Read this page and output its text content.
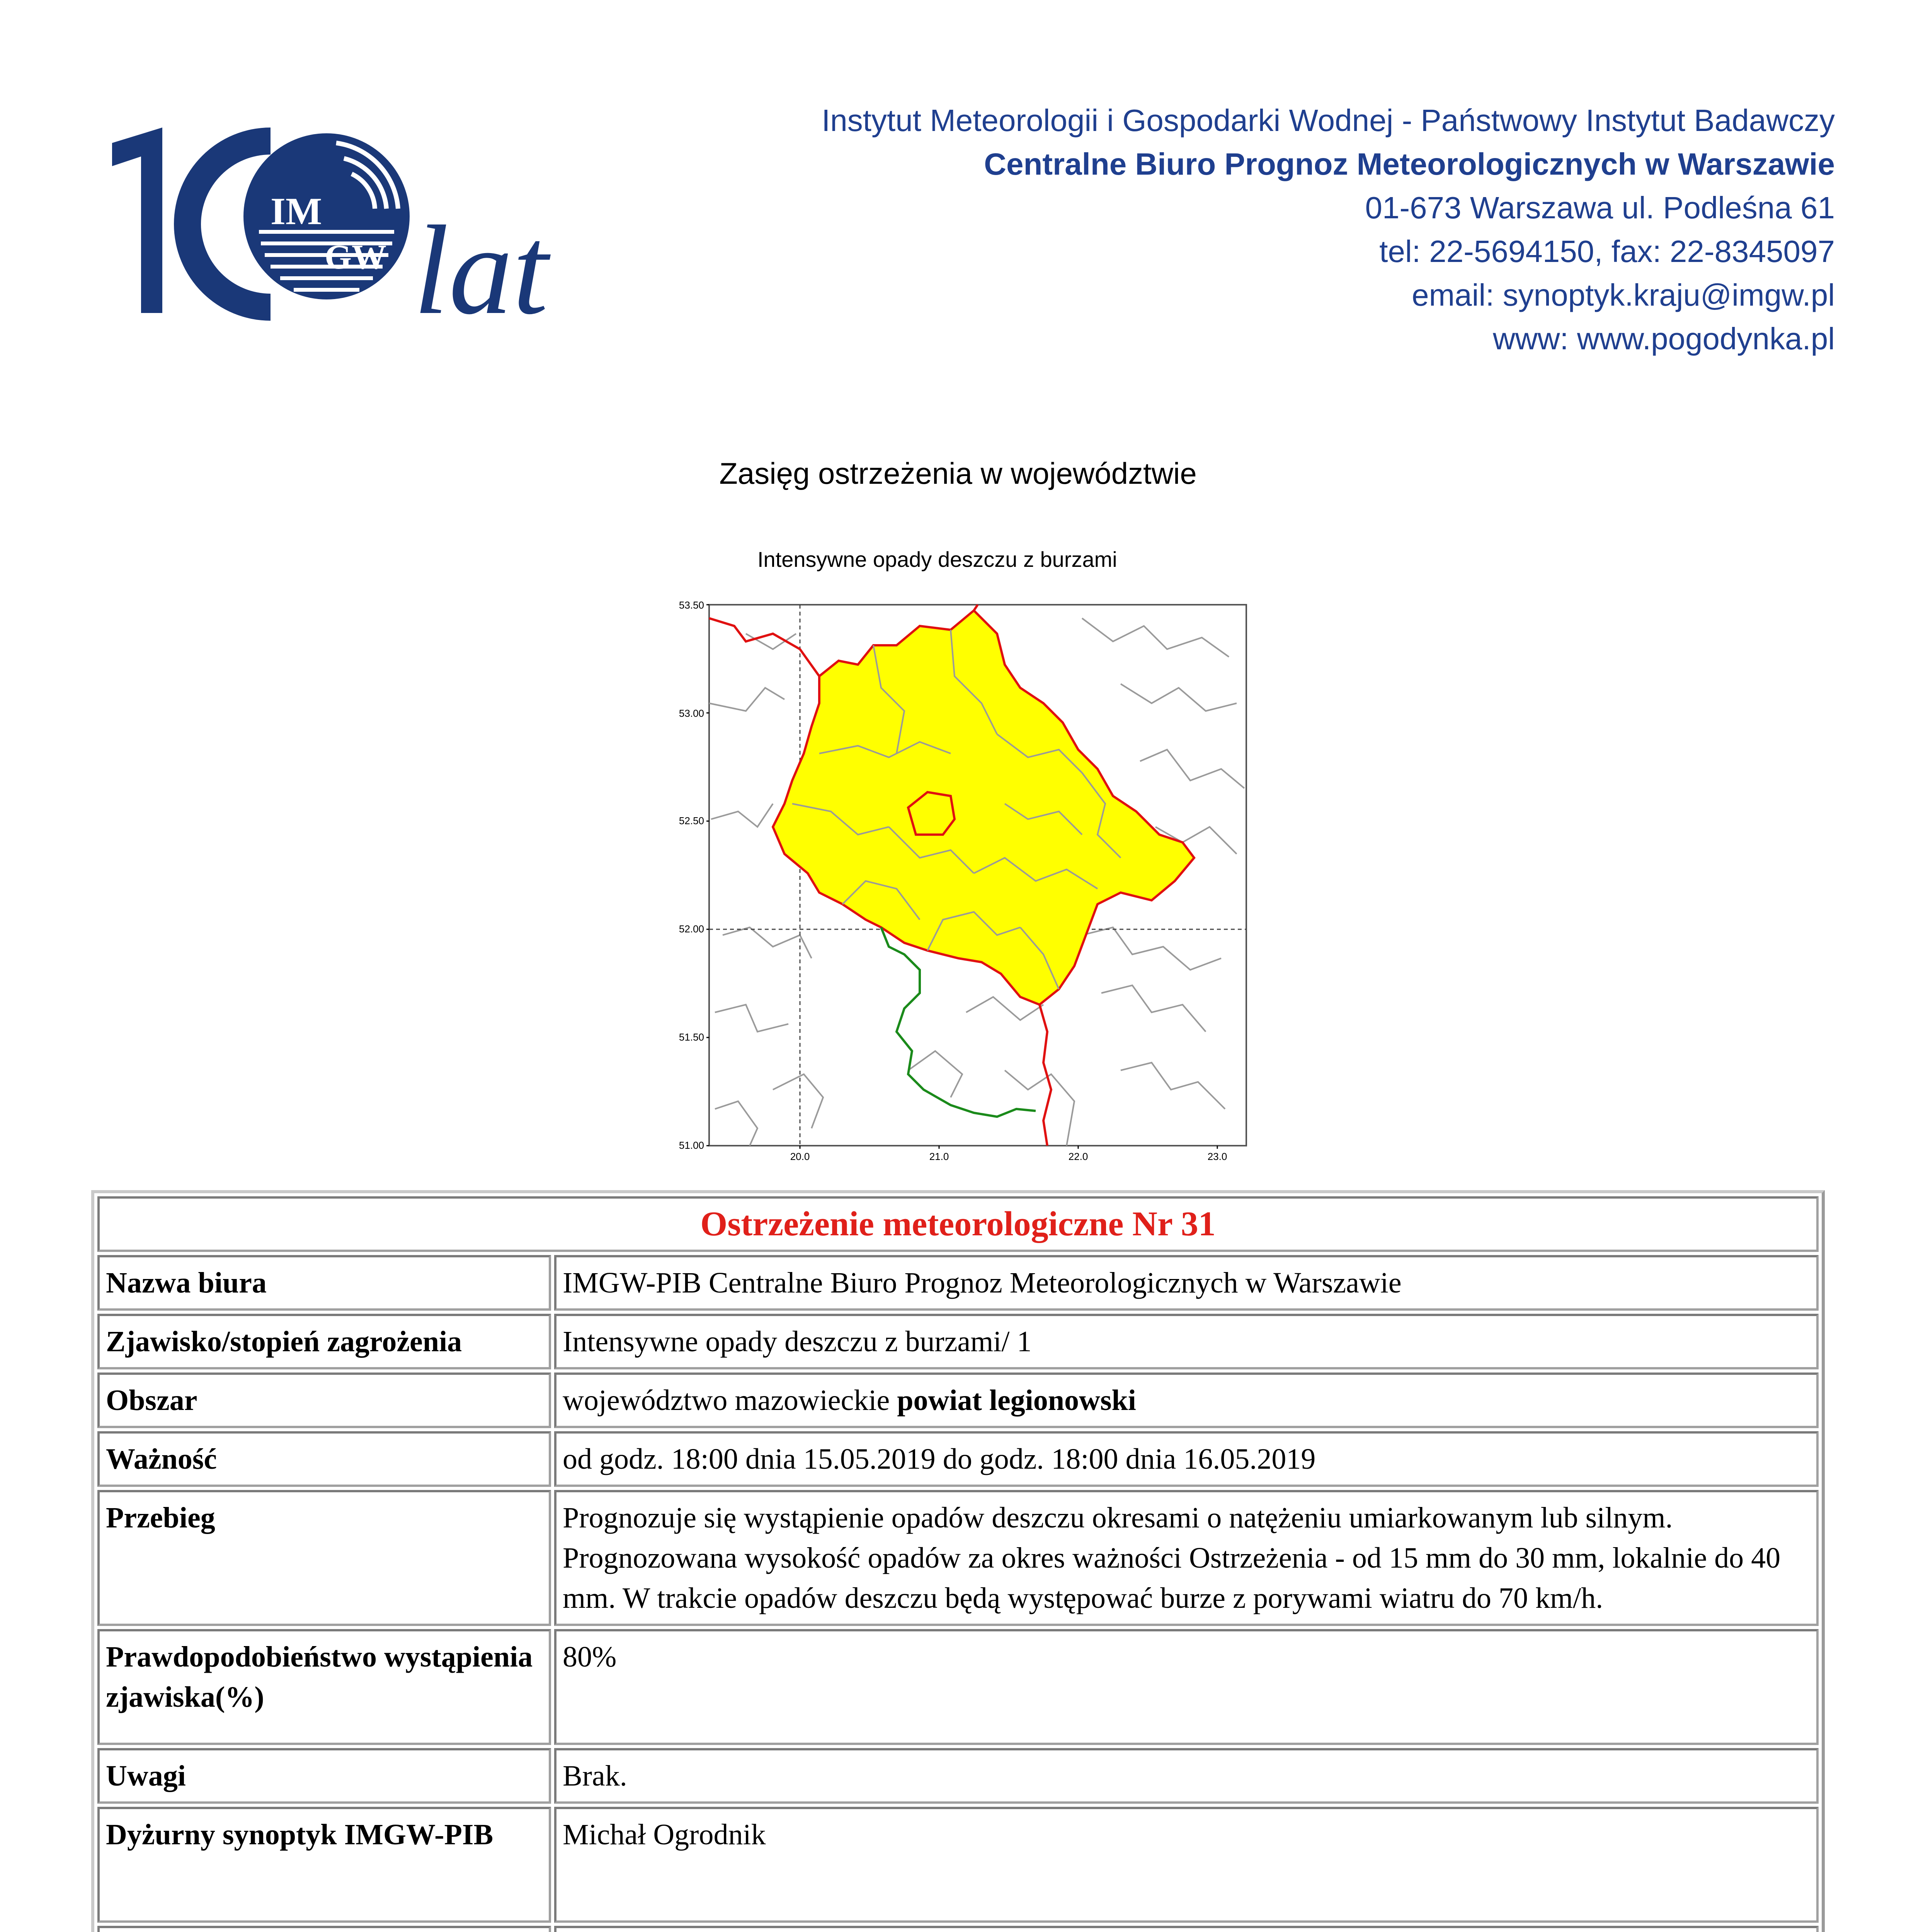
IM
GW lat
Instytut Meteorologii i Gospodarki Wodnej - Państwowy Instytut Badawczy
Centralne Biuro Prognoz Meteorologicznych w Warszawie
01-673 Warszawa ul. Podleśna 61
tel: 22-5694150, fax: 22-8345097
email: synoptyk.kraju@imgw.pl
www: www.pogodynka.pl
Zasięg ostrzeżenia w województwie
Intensywne opady deszczu z burzami
53.50
53.00
52.50
52.00
51.50
51.00
20.0	21.0	22.0	23.0
Ostrzeżenie meteorologiczne Nr 31	
Nazwa biura	IMGW-PIB Centralne Biuro Prognoz Meteorologicznych w Warszawie
Zjawisko/stopień zagrożenia	Intensywne opady deszczu z burzami/ 1
Obszar	województwo mazowieckie powiat legionowski
Ważność	od godz. 18:00 dnia 15.05.2019 do godz. 18:00 dnia 16.05.2019
Przebieg	Prognozuje się wystąpienie opadów deszczu okresami o natężeniu umiarkowanym lub silnym. Prognozowana wysokość opadów za okres ważności Ostrzeżenia - od 15 mm do 30 mm, lokalnie do 40 mm. W trakcie opadów deszczu będą występować burze z porywami wiatru do 70 km/h.
Prawdopodobieństwo wystąpienia zjawiska(%)	80%
Uwagi	Brak.
Dyżurny synoptyk IMGW-PIB	Michał Ogrodnik
